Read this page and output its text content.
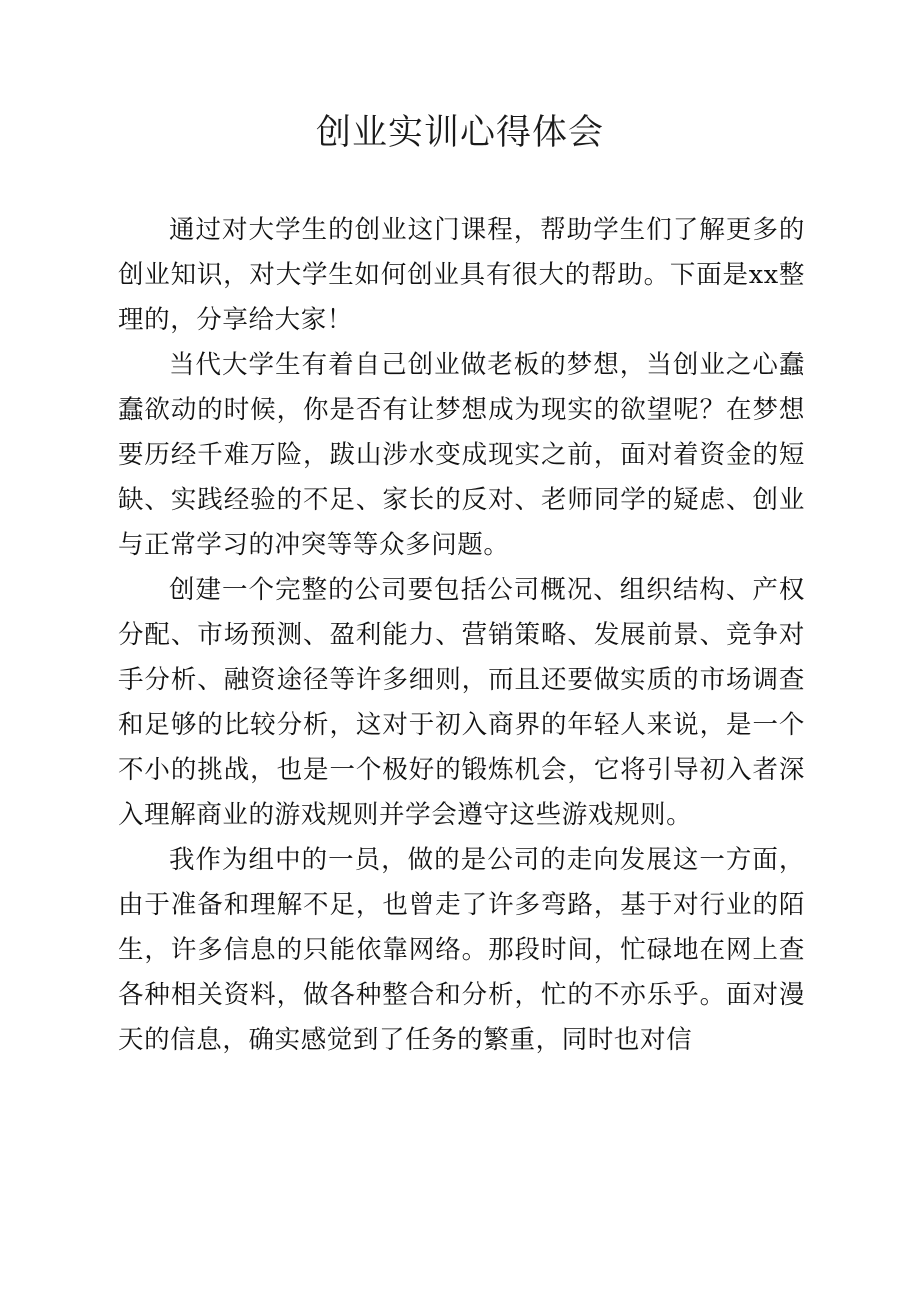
创业实训心得体会

通过对大学生的创业这门课程，帮助学生们了解更多的创业知识，对大学生如何创业具有很大的帮助。下面是xx整理的，分享给大家！

当代大学生有着自己创业做老板的梦想，当创业之心蠢蠢欲动的时候，你是否有让梦想成为现实的欲望呢？在梦想要历经千难万险，跋山涉水变成现实之前，面对着资金的短缺、实践经验的不足、家长的反对、老师同学的疑虑、创业与正常学习的冲突等等众多问题。

创建一个完整的公司要包括公司概况、组织结构、产权分配、市场预测、盈利能力、营销策略、发展前景、竞争对手分析、融资途径等许多细则，而且还要做实质的市场调查和足够的比较分析，这对于初入商界的年轻人来说，是一个不小的挑战，也是一个极好的锻炼机会，它将引导初入者深入理解商业的游戏规则并学会遵守这些游戏规则。

我作为组中的一员，做的是公司的走向发展这一方面，由于准备和理解不足，也曾走了许多弯路，基于对行业的陌生，许多信息的只能依靠网络。那段时间，忙碌地在网上查各种相关资料，做各种整合和分析，忙的不亦乐乎。面对漫天的信息，确实感觉到了任务的繁重，同时也对信
